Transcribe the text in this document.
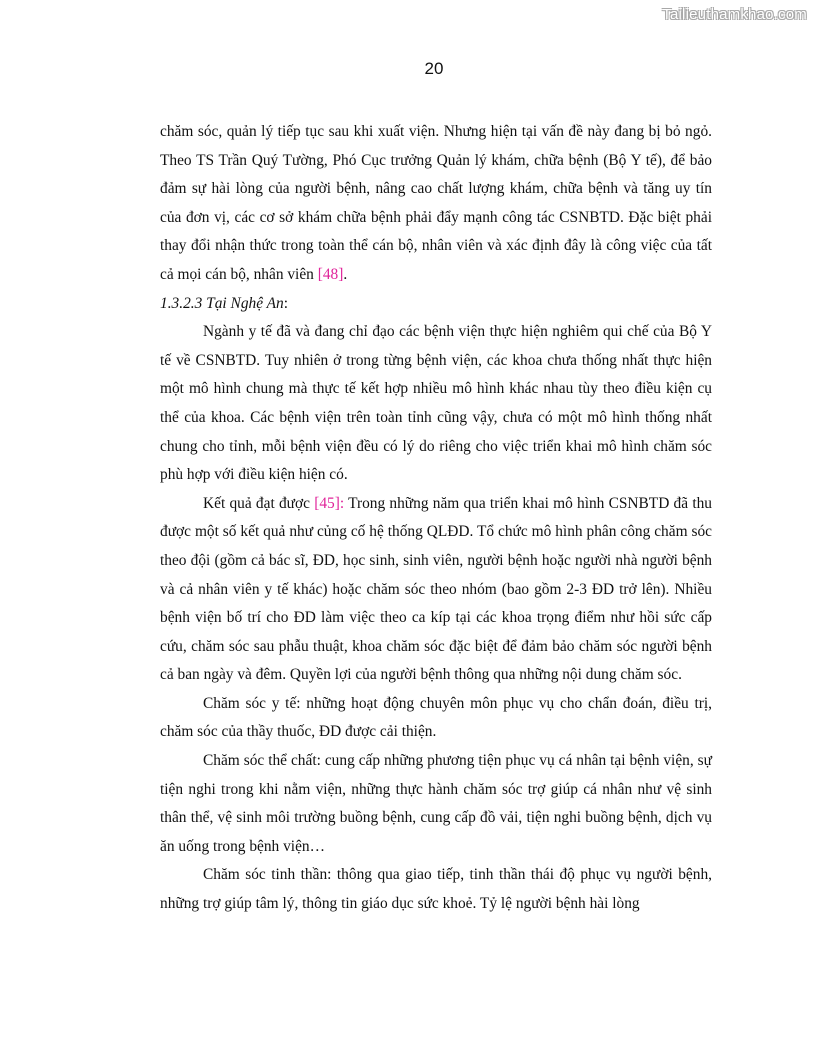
Tailieuthamkhao.com
20

chăm sóc, quản lý tiếp tục sau khi xuất viện. Nhưng hiện tại vấn đề này đang bị bỏ ngỏ. Theo TS Trần Quý Tường, Phó Cục trưởng Quản lý khám, chữa bệnh (Bộ Y tế), để bảo đảm sự hài lòng của người bệnh, nâng cao chất lượng khám, chữa bệnh và tăng uy tín của đơn vị, các cơ sở khám chữa bệnh phải đẩy mạnh công tác CSNBTD. Đặc biệt phải thay đổi nhận thức trong toàn thể cán bộ, nhân viên và xác định đây là công việc của tất cả mọi cán bộ, nhân viên [48].

1.3.2.3 Tại Nghệ An:

Ngành y tế đã và đang chỉ đạo các bệnh viện thực hiện nghiêm qui chế của Bộ Y tế về CSNBTD. Tuy nhiên ở trong từng bệnh viện, các khoa chưa thống nhất thực hiện một mô hình chung mà thực tế kết hợp nhiều mô hình khác nhau tùy theo điều kiện cụ thể của khoa. Các bệnh viện trên toàn tỉnh cũng vậy, chưa có một mô hình thống nhất chung cho tỉnh, mỗi bệnh viện đều có lý do riêng cho việc triển khai mô hình chăm sóc phù hợp với điều kiện hiện có.

Kết quả đạt được [45]: Trong những năm qua triển khai mô hình CSNBTD đã thu được một số kết quả như củng cố hệ thống QLĐD. Tổ chức mô hình phân công chăm sóc theo đội (gồm cả bác sĩ, ĐD, học sinh, sinh viên, người bệnh hoặc người nhà người bệnh và cả nhân viên y tế khác) hoặc chăm sóc theo nhóm (bao gồm 2-3 ĐD trở lên). Nhiều bệnh viện bố trí cho ĐD làm việc theo ca kíp tại các khoa trọng điểm như hồi sức cấp cứu, chăm sóc sau phẫu thuật, khoa chăm sóc đặc biệt để đảm bảo chăm sóc người bệnh cả ban ngày và đêm. Quyền lợi của người bệnh thông qua những nội dung chăm sóc.

Chăm sóc y tế: những hoạt động chuyên môn phục vụ cho chẩn đoán, điều trị, chăm sóc của thầy thuốc, ĐD được cải thiện.

Chăm sóc thể chất: cung cấp những phương tiện phục vụ cá nhân tại bệnh viện, sự tiện nghi trong khi nằm viện, những thực hành chăm sóc trợ giúp cá nhân như vệ sinh thân thể, vệ sinh môi trường buồng bệnh, cung cấp đồ vải, tiện nghi buồng bệnh, dịch vụ ăn uống trong bệnh viện…

Chăm sóc tinh thần: thông qua giao tiếp, tinh thần thái độ phục vụ người bệnh, những trợ giúp tâm lý, thông tin giáo dục sức khoẻ. Tỷ lệ người bệnh hài lòng
